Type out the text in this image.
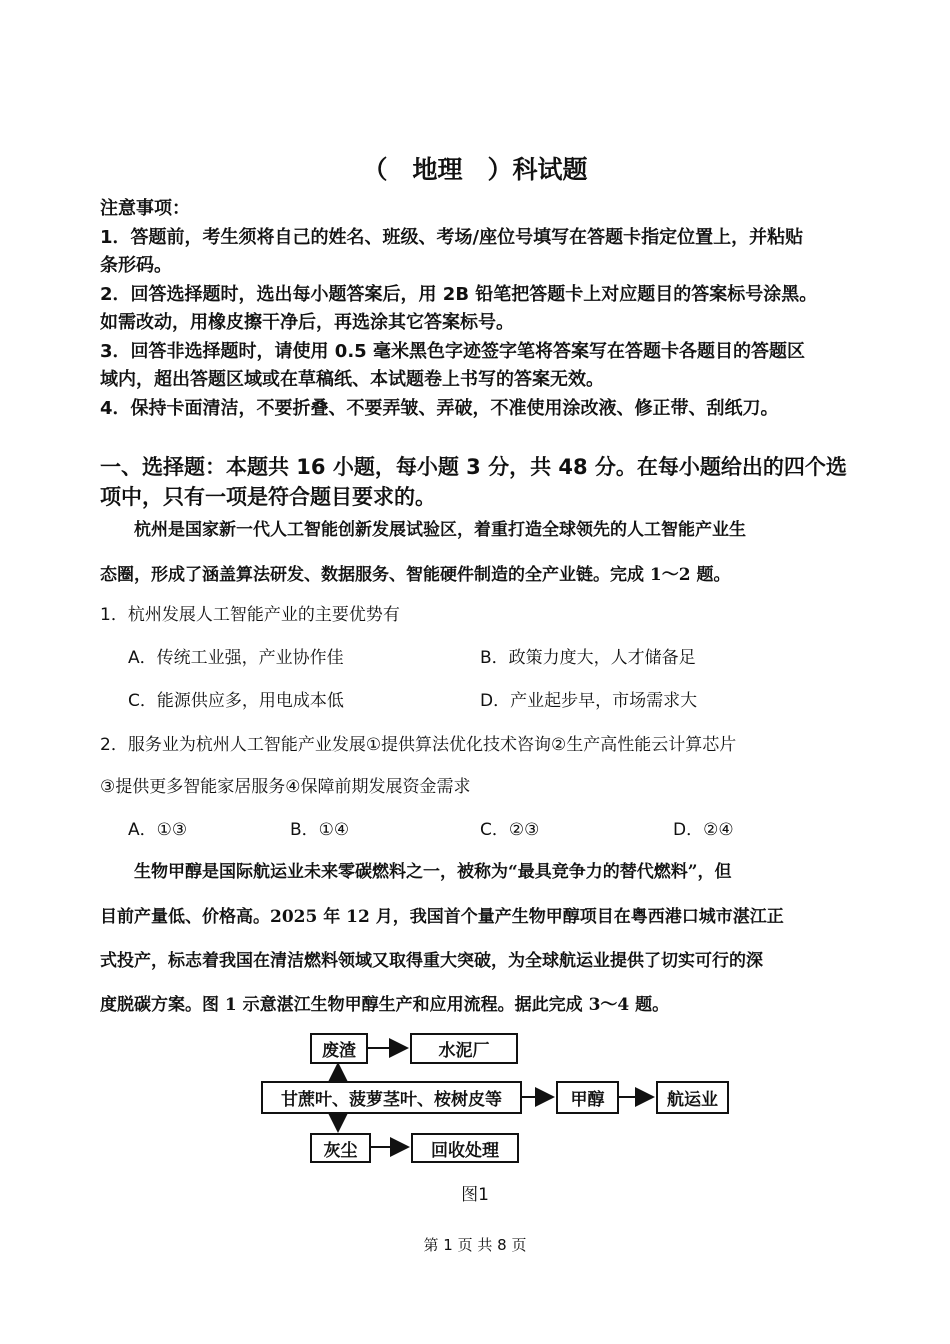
（　地理　）科试题
注意事项：
1．答题前，考生须将自己的姓名、班级、考场/座位号填写在答题卡指定位置上，并粘贴
条形码。
2．回答选择题时，选出每小题答案后，用 2B 铅笔把答题卡上对应题目的答案标号涂黑。
如需改动，用橡皮擦干净后，再选涂其它答案标号。
3．回答非选择题时，请使用 0.5 毫米黑色字迹签字笔将答案写在答题卡各题目的答题区
域内，超出答题区域或在草稿纸、本试题卷上书写的答案无效。
4．保持卡面清洁，不要折叠、不要弄皱、弄破，不准使用涂改液、修正带、刮纸刀。
一、选择题：本题共 16 小题，每小题 3 分，共 48 分。在每小题给出的四个选
项中，只有一项是符合题目要求的。
　　杭州是国家新一代人工智能创新发展试验区，着重打造全球领先的人工智能产业生
态圈，形成了涵盖算法研发、数据服务、智能硬件制造的全产业链。完成 1～2 题。
1．杭州发展人工智能产业的主要优势有
A．传统工业强，产业协作佳	B．政策力度大，人才储备足
C．能源供应多，用电成本低	D．产业起步早，市场需求大
2．服务业为杭州人工智能产业发展①提供算法优化技术咨询②生产高性能云计算芯片
③提供更多智能家居服务④保障前期发展资金需求
A．①③	B．①④	C．②③	D．②④
　　生物甲醇是国际航运业未来零碳燃料之一，被称为“最具竞争力的替代燃料”，但
目前产量低、价格高。2025 年 12 月，我国首个量产生物甲醇项目在粤西港口城市湛江正
式投产，标志着我国在清洁燃料领域又取得重大突破，为全球航运业提供了切实可行的深
度脱碳方案。图 1 示意湛江生物甲醇生产和应用流程。据此完成 3～4 题。
废渣	水泥厂
甘蔗叶、菠萝茎叶、桉树皮等	甲醇	航运业
灰尘	回收处理
图1
第 1 页 共 8 页
